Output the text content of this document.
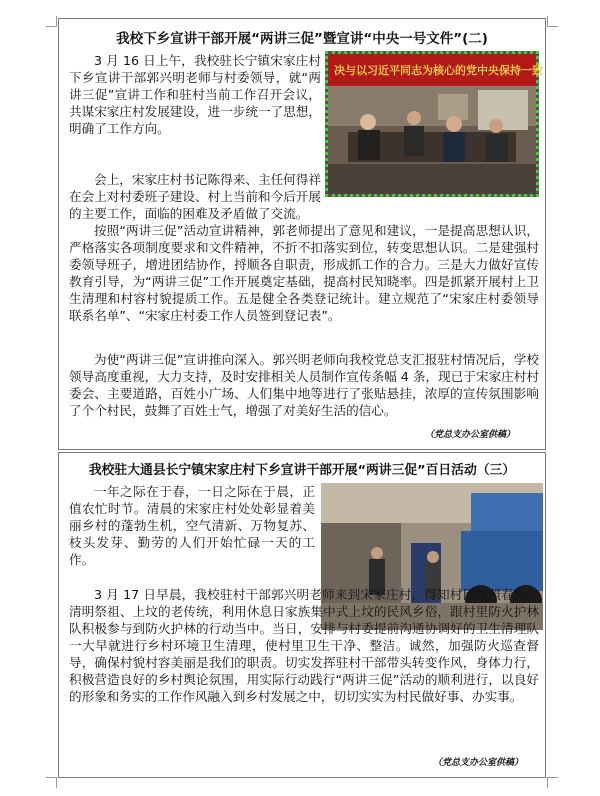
我校下乡宣讲干部开展“两讲三促”暨宣讲“中央一号文件”(二)
决与以习近平同志为核心的党中央保持一致
3 月 16 日上午，我校驻长宁镇宋家庄村下乡宣讲干部郭兴明老师与村委领导，就“两讲三促”宣讲工作和驻村当前工作召开会议，共谋宋家庄村发展建设，进一步统一了思想，明确了工作方向。
会上，宋家庄村书记陈得来、主任何得祥在会上对村委班子建设、村上当前和今后开展的主要工作，面临的困难及矛盾做了交流。
按照“两讲三促”活动宣讲精神，郭老师提出了意见和建议，一是提高思想认识，严格落实各项制度要求和文件精神，不折不扣落实到位，转变思想认识。二是建强村委领导班子，增进团结协作，捋顺各自职责，形成抓工作的合力。三是大力做好宣传教育引导，为“两讲三促”工作开展奠定基础，提高村民知晓率。四是抓紧开展村上卫生清理和村容村貌提质工作。五是健全各类登记统计。建立规范了“宋家庄村委领导联系名单”、“宋家庄村委工作人员签到登记表”。
为使“两讲三促”宣讲推向深入。郭兴明老师向我校党总支汇报驻村情况后，学校领导高度重视，大力支持，及时安排相关人员制作宣传条幅 4 条，现已于宋家庄村村委会、主要道路，百姓小广场、人们集中地等进行了张贴悬挂，浓厚的宣传氛围影响了个个村民，鼓舞了百姓士气，增强了对美好生活的信心。
（党总支办公室供稿）
我校驻大通县长宁镇宋家庄村下乡宣讲干部开展“两讲三促”百日活动（三）
一年之际在于春，一日之际在于晨，正值农忙时节。清晨的宋家庄村处处彰显着美丽乡村的蓬勃生机，空气清新、万物复苏、枝头发芽、勤劳的人们开始忙碌一天的工作。
3 月 17 日早晨，我校驻村干部郭兴明老师来到宋家庄村，得知村民按照春分、清明祭祖、上坟的老传统，利用休息日家族集中式上坟的民风乡俗，跟村里防火护林队积极参与到防火护林的行动当中。当日，安排与村委提前沟通协调好的卫生清理队一大早就进行乡村环境卫生清理，使村里卫生干净、整洁。诚然，加强防火巡查督导，确保村貌村容美丽是我们的职责。切实发挥驻村干部带头转变作风，身体力行，积极营造良好的乡村舆论氛围，用实际行动践行“两讲三促”活动的顺利进行，以良好的形象和务实的工作作风融入到乡村发展之中，切切实实为村民做好事、办实事。
（党总支办公室供稿）
